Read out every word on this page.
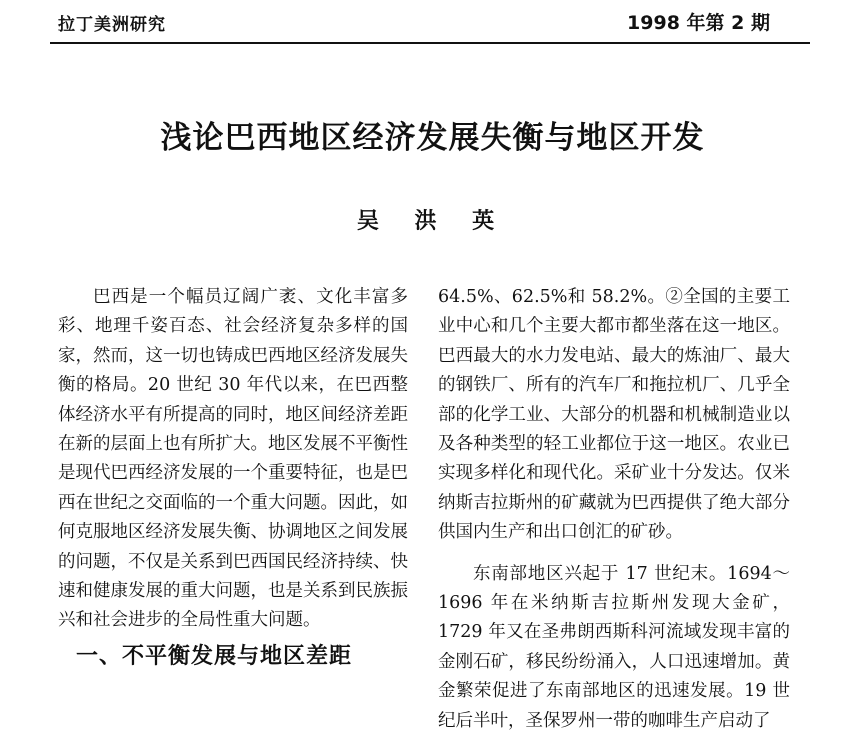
拉丁美洲研究	1998 年第 2 期
浅论巴西地区经济发展失衡与地区开发
吴 洪 英

巴西是一个幅员辽阔广袤、文化丰富多彩、地理千姿百态、社会经济复杂多样的国家，然而，这一切也铸成巴西地区经济发展失衡的格局。20 世纪 30 年代以来，在巴西整体经济水平有所提高的同时，地区间经济差距在新的层面上也有所扩大。地区发展不平衡性是现代巴西经济发展的一个重要特征，也是巴西在世纪之交面临的一个重大问题。因此，如何克服地区经济发展失衡、协调地区之间发展的问题，不仅是关系到巴西国民经济持续、快速和健康发展的重大问题，也是关系到民族振兴和社会进步的全局性重大问题。

一、不平衡发展与地区差距

64.5%、62.5%和 58.2%。②全国的主要工业中心和几个主要大都市都坐落在这一地区。巴西最大的水力发电站、最大的炼油厂、最大的钢铁厂、所有的汽车厂和拖拉机厂、几乎全部的化学工业、大部分的机器和机械制造业以及各种类型的轻工业都位于这一地区。农业已实现多样化和现代化。采矿业十分发达。仅米纳斯吉拉斯州的矿藏就为巴西提供了绝大部分供国内生产和出口创汇的矿砂。

东南部地区兴起于 17 世纪末。1694～1696 年在米纳斯吉拉斯州发现大金矿，1729 年又在圣弗朗西斯科河流域发现丰富的金刚石矿，移民纷纷涌入，人口迅速增加。黄金繁荣促进了东南部地区的迅速发展。19 世纪后半叶，圣保罗州一带的咖啡生产启动了
